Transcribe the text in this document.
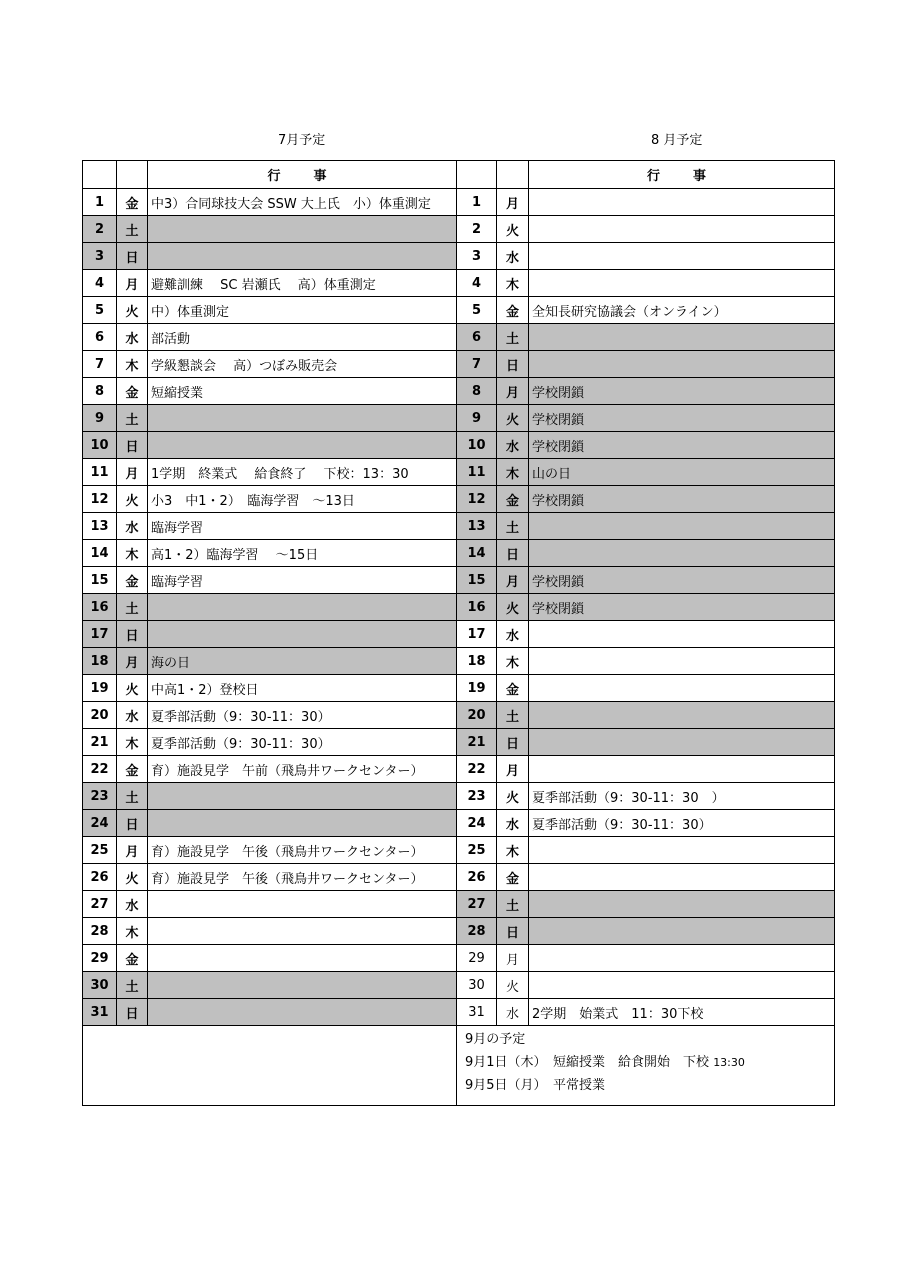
7月予定	8 月予定
		行　事			行　事
1	金	中3）合同球技大会 SSW 大上氏　小）体重測定	1	月	
2	土		2	火	
3	日		3	水	
4	月	避難訓練　 SC 岩瀬氏　 高）体重測定	4	木	
5	火	中）体重測定	5	金	全知長研究協議会（オンライン）
6	水	部活動	6	土	
7	木	学級懇談会　 高）つぼみ販売会	7	日	
8	金	短縮授業	8	月	学校閉鎖
9	土		9	火	学校閉鎖
10	日		10	水	学校閉鎖
11	月	1学期　終業式　 給食終了　 下校：13：30	11	木	山の日
12	火	小3　中1・2）　臨海学習　～13日	12	金	学校閉鎖
13	水	臨海学習	13	土	
14	木	高1・2）臨海学習　 ～15日	14	日	
15	金	臨海学習	15	月	学校閉鎖
16	土		16	火	学校閉鎖
17	日		17	水	
18	月	海の日	18	木	
19	火	中高1・2）登校日	19	金	
20	水	夏季部活動（9：30-11：30）	20	土	
21	木	夏季部活動（9：30-11：30）	21	日	
22	金	育）施設見学　午前（飛鳥井ワークセンター）	22	月	
23	土		23	火	夏季部活動（9：30-11：30　）
24	日		24	水	夏季部活動（9：30-11：30）
25	月	育）施設見学　午後（飛鳥井ワークセンター）	25	木	
26	火	育）施設見学　午後（飛鳥井ワークセンター）	26	金	
27	水		27	土	
28	木		28	日	
29	金		29	月	
30	土		30	火	
31	日		31	水	2学期　始業式　11：30下校

			9月の予定
9月1日（木）　短縮授業　給食開始　下校 13:30
9月5日（月）　平常授業		
